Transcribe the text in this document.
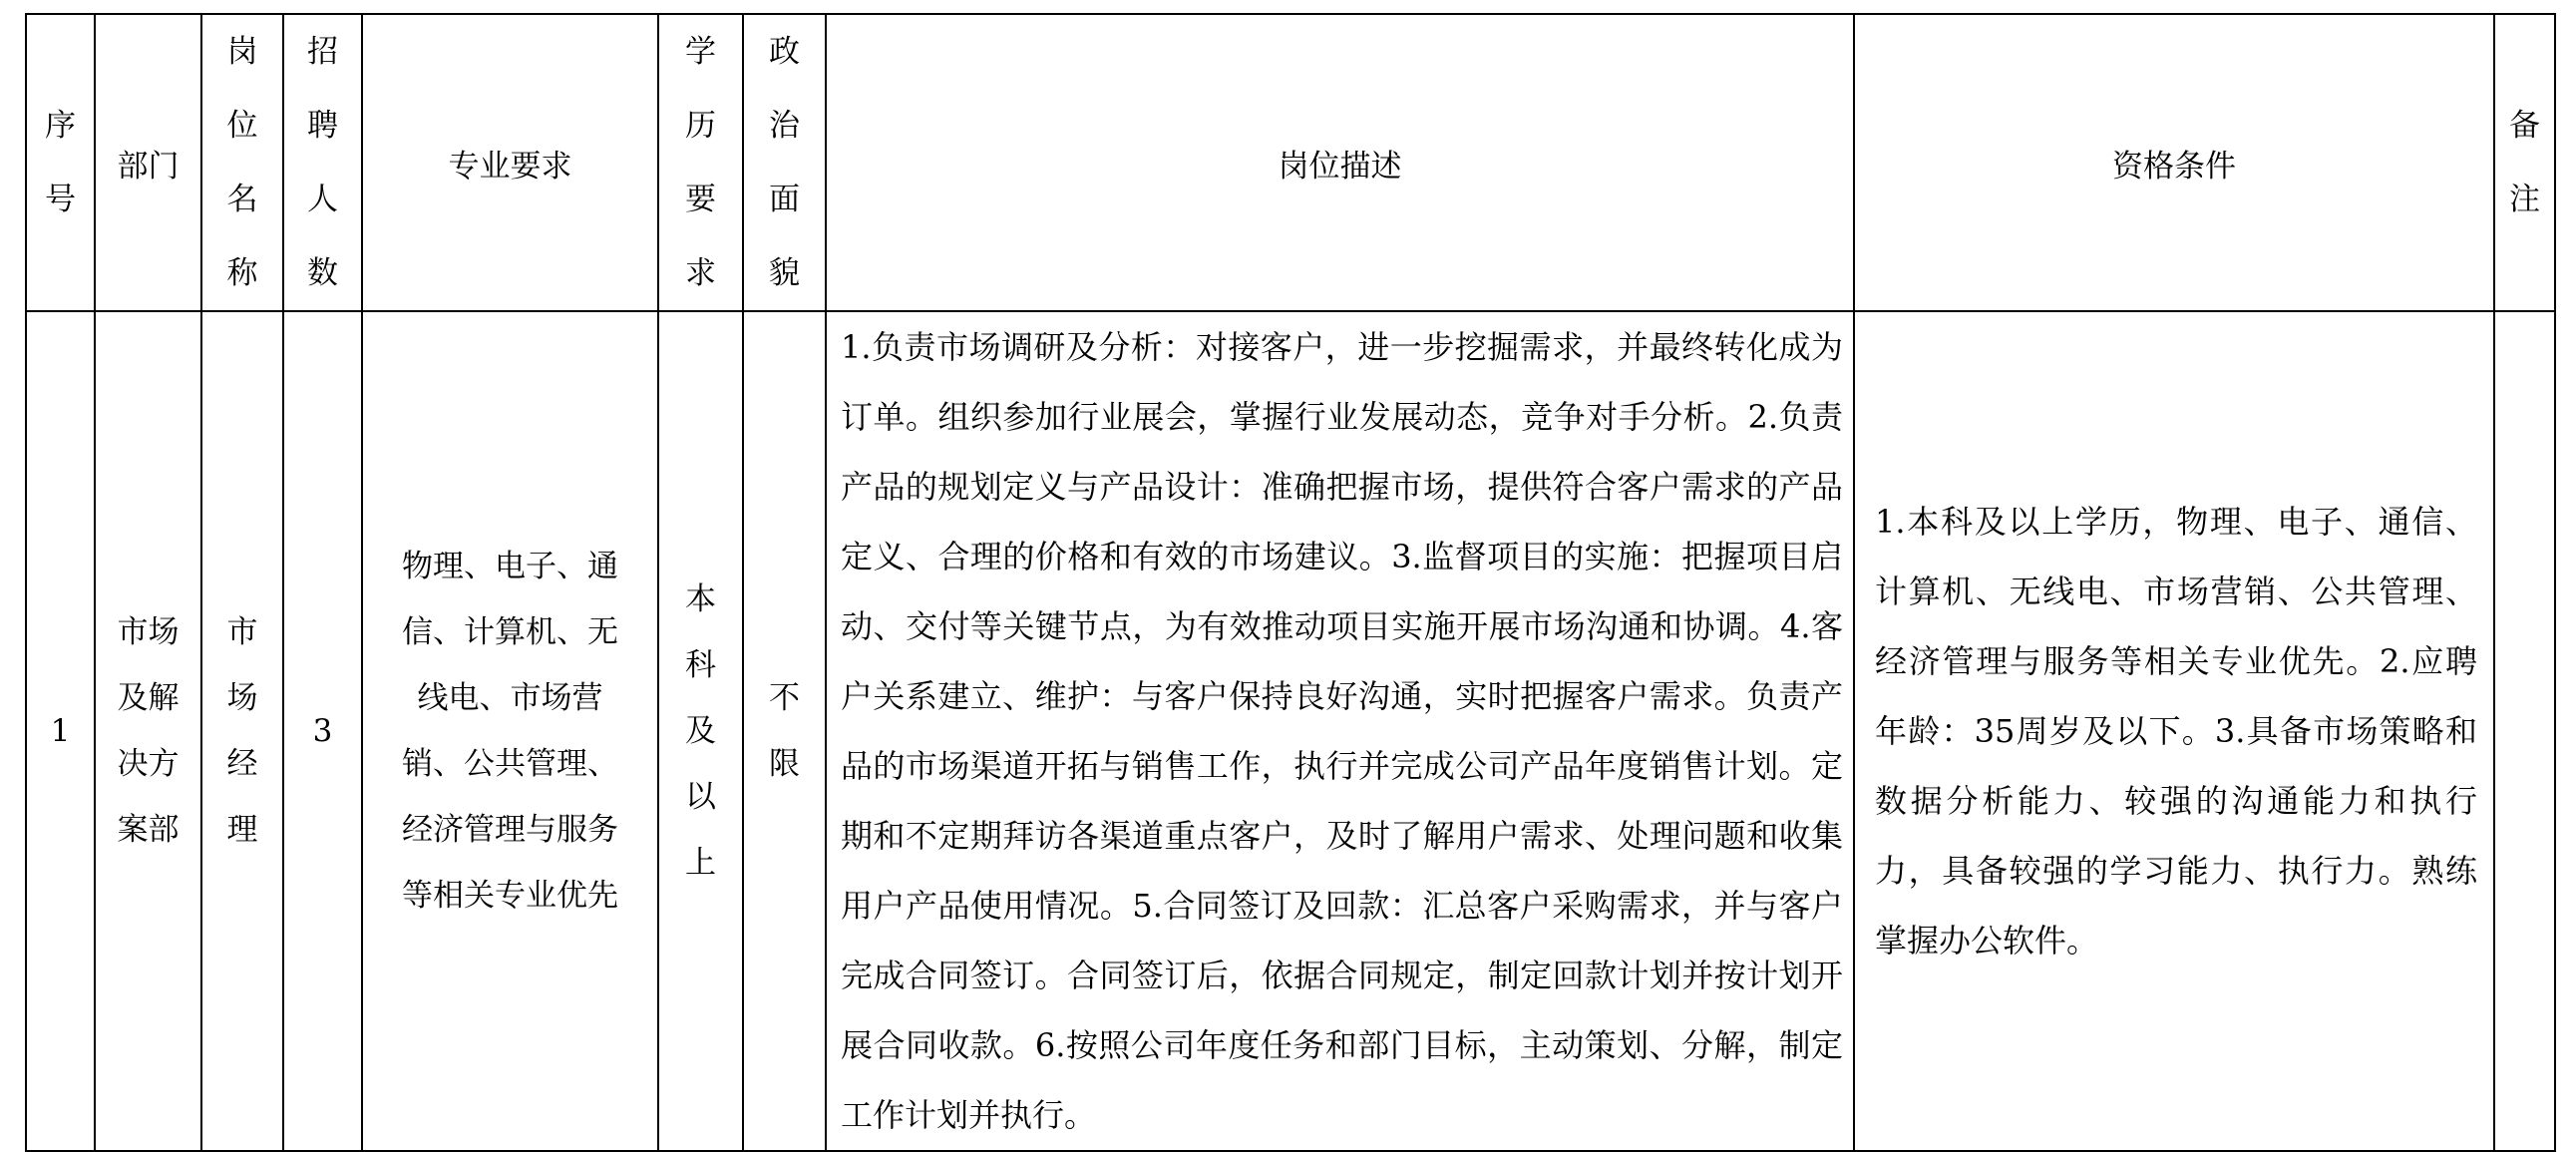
序号	部门	岗位名称	招聘人数	专业要求	学历要求	政治面貌	岗位描述	资格条件	备注
1	市场及解决方案部	市场经理	3	物理、电子、通信、计算机、无线电、市场营销、公共管理、经济管理与服务等相关专业优先	本科及以上	不限	1.负责市场调研及分析：对接客户，进一步挖掘需求，并最终转化成为订单。组织参加行业展会，掌握行业发展动态，竞争对手分析。2.负责产品的规划定义与产品设计：准确把握市场，提供符合客户需求的产品定义、合理的价格和有效的市场建议。3.监督项目的实施：把握项目启动、交付等关键节点，为有效推动项目实施开展市场沟通和协调。4.客户关系建立、维护：与客户保持良好沟通，实时把握客户需求。负责产品的市场渠道开拓与销售工作，执行并完成公司产品年度销售计划。定期和不定期拜访各渠道重点客户，及时了解用户需求、处理问题和收集用户产品使用情况。5.合同签订及回款：汇总客户采购需求，并与客户完成合同签订。合同签订后，依据合同规定，制定回款计划并按计划开展合同收款。6.按照公司年度任务和部门目标，主动策划、分解，制定工作计划并执行。	1.本科及以上学历，物理、电子、通信、计算机、无线电、市场营销、公共管理、经济管理与服务等相关专业优先。2.应聘年龄：35周岁及以下。3.具备市场策略和数据分析能力、较强的沟通能力和执行力，具备较强的学习能力、执行力。熟练掌握办公软件。	
